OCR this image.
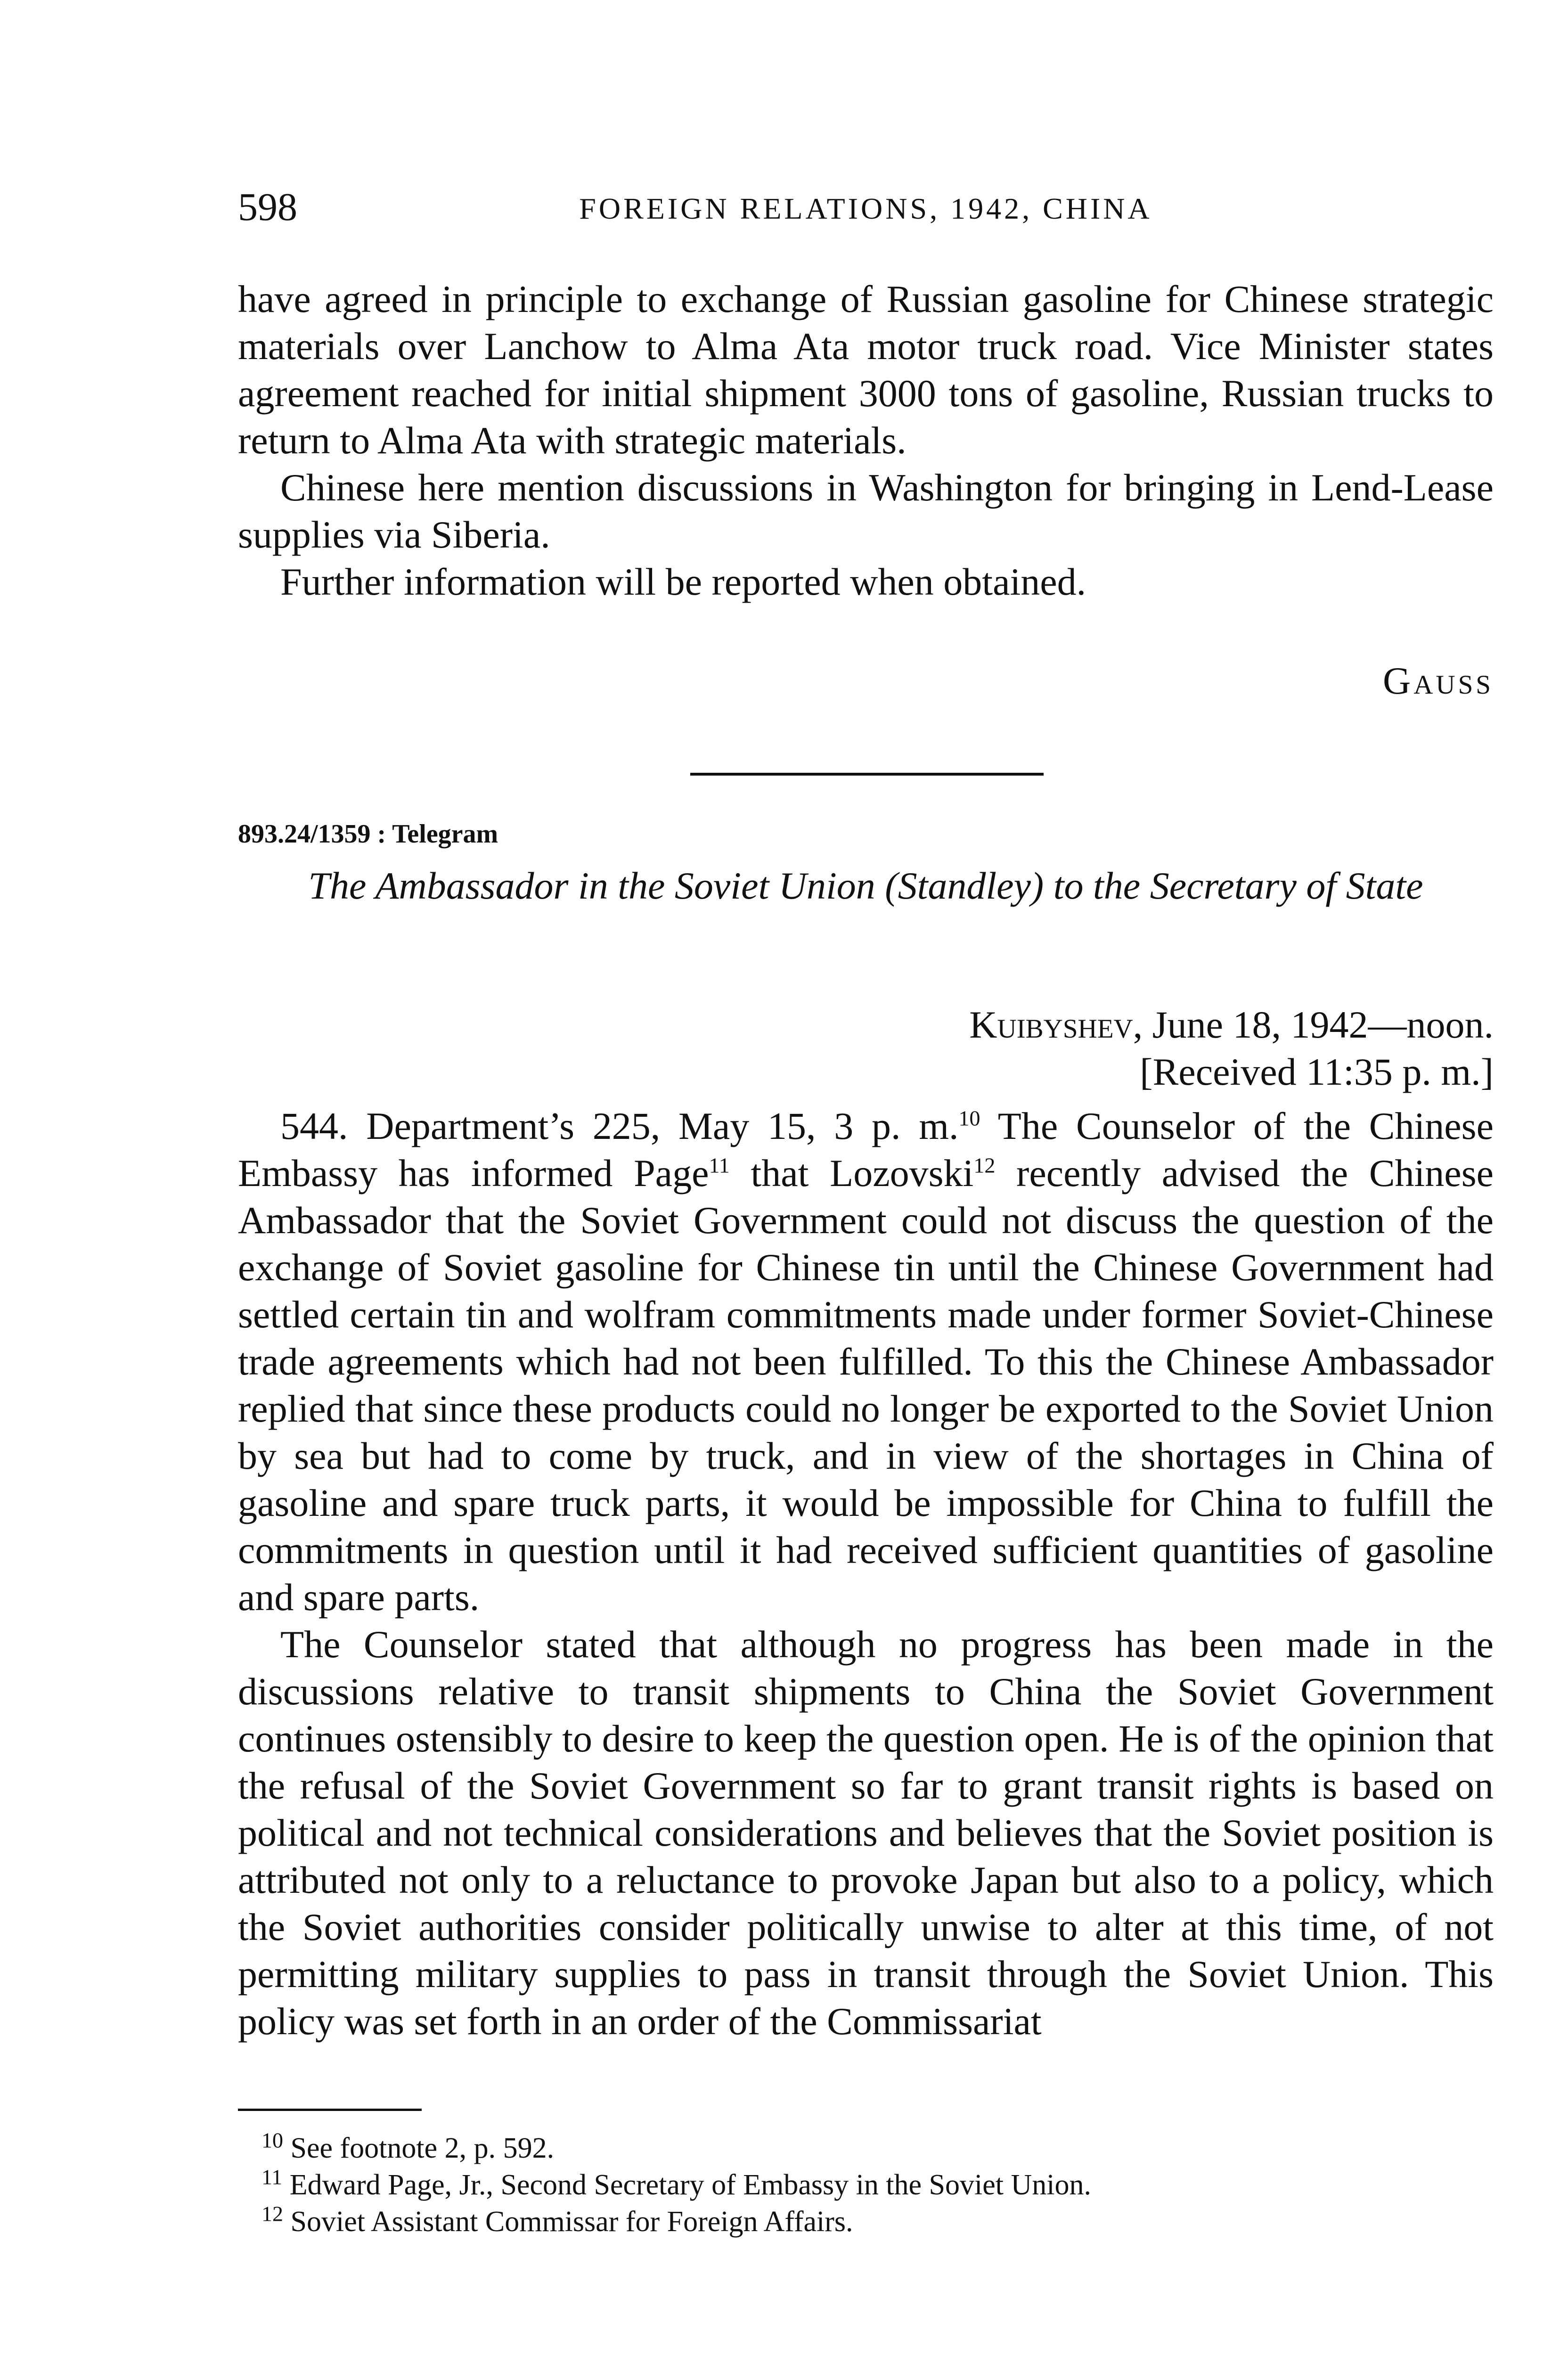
598	FOREIGN RELATIONS, 1942, CHINA

have agreed in principle to exchange of Russian gasoline for Chinese strategic materials over Lanchow to Alma Ata motor truck road. Vice Minister states agreement reached for initial shipment 3000 tons of gasoline, Russian trucks to return to Alma Ata with strategic materials.

Chinese here mention discussions in Washington for bringing in Lend-Lease supplies via Siberia.

Further information will be reported when obtained.

Gauss
893.24/1359 : Telegram

The Ambassador in the Soviet Union (Standley) to the Secretary of State

Kuibyshev, June 18, 1942—noon.
[Received 11:35 p. m.]

544. Department’s 225, May 15, 3 p. m.$^{10}$ The Counselor of the Chinese Embassy has informed Page$^{11}$ that Lozovski$^{12}$ recently advised the Chinese Ambassador that the Soviet Government could not discuss the question of the exchange of Soviet gasoline for Chinese tin until the Chinese Government had settled certain tin and wolfram commitments made under former Soviet-Chinese trade agreements which had not been fulfilled. To this the Chinese Ambassador replied that since these products could no longer be exported to the Soviet Union by sea but had to come by truck, and in view of the shortages in China of gasoline and spare truck parts, it would be impossible for China to fulfill the commitments in question until it had received sufficient quantities of gasoline and spare parts.

The Counselor stated that although no progress has been made in the discussions relative to transit shipments to China the Soviet Government continues ostensibly to desire to keep the question open. He is of the opinion that the refusal of the Soviet Government so far to grant transit rights is based on political and not technical considerations and believes that the Soviet position is attributed not only to a reluctance to provoke Japan but also to a policy, which the Soviet authorities consider politically unwise to alter at this time, of not permitting military supplies to pass in transit through the Soviet Union. This policy was set forth in an order of the Commissariat

$^{10}$ See footnote 2, p. 592.
$^{11}$ Edward Page, Jr., Second Secretary of Embassy in the Soviet Union.
$^{12}$ Soviet Assistant Commissar for Foreign Affairs.
